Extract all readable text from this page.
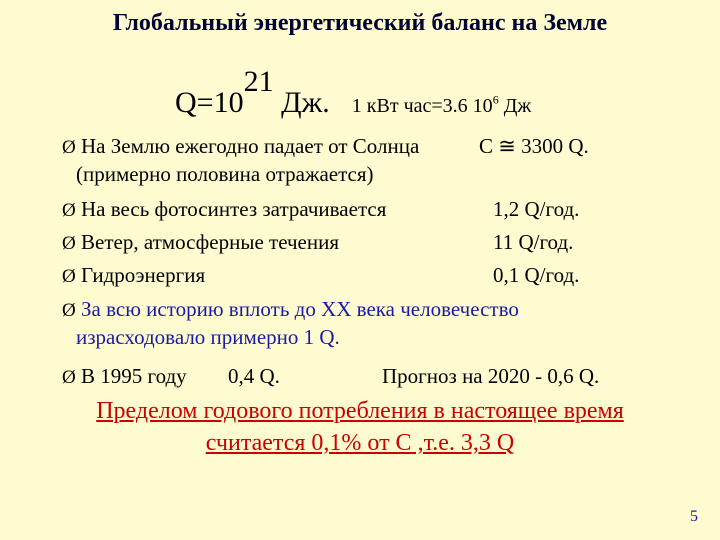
Глобальный энергетический баланс на Земле
$Q=10^{21}$ Дж. 1 кВт час=3.6 $10^6$ Дж
Ø На Землю ежегодно падает от Солнца	C ≅ 3300 Q.
(примерно половина отражается)
Ø На весь фотосинтез затрачивается	1,2 Q/год.
Ø Ветер, атмосферные течения	11 Q/год.
Ø Гидроэнергия	0,1 Q/год.
Ø За всю историю вплоть до XX века человечество
израсходовало примерно 1 Q.
Ø В 1995 году 0,4 Q.	Прогноз на 2020 - 0,6 Q.
Пределом годового потребления в настоящее время
считается 0,1% от C ,т.е. 3,3 Q
5
